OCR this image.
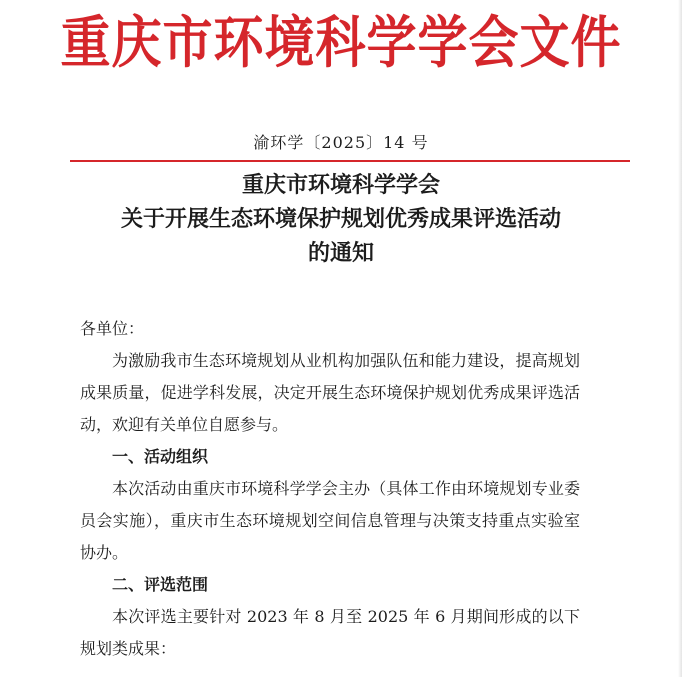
重庆市环境科学学会文件
渝环学〔2025〕14 号
重庆市环境科学学会
关于开展生态环境保护规划优秀成果评选活动
的通知

各单位：

为激励我市生态环境规划从业机构加强队伍和能力建设，提高规划成果质量，促进学科发展，决定开展生态环境保护规划优秀成果评选活动，欢迎有关单位自愿参与。

一、活动组织

本次活动由重庆市环境科学学会主办（具体工作由环境规划专业委员会实施），重庆市生态环境规划空间信息管理与决策支持重点实验室协办。

二、评选范围

本次评选主要针对 2023 年 8 月至 2025 年 6 月期间形成的以下规划类成果：
